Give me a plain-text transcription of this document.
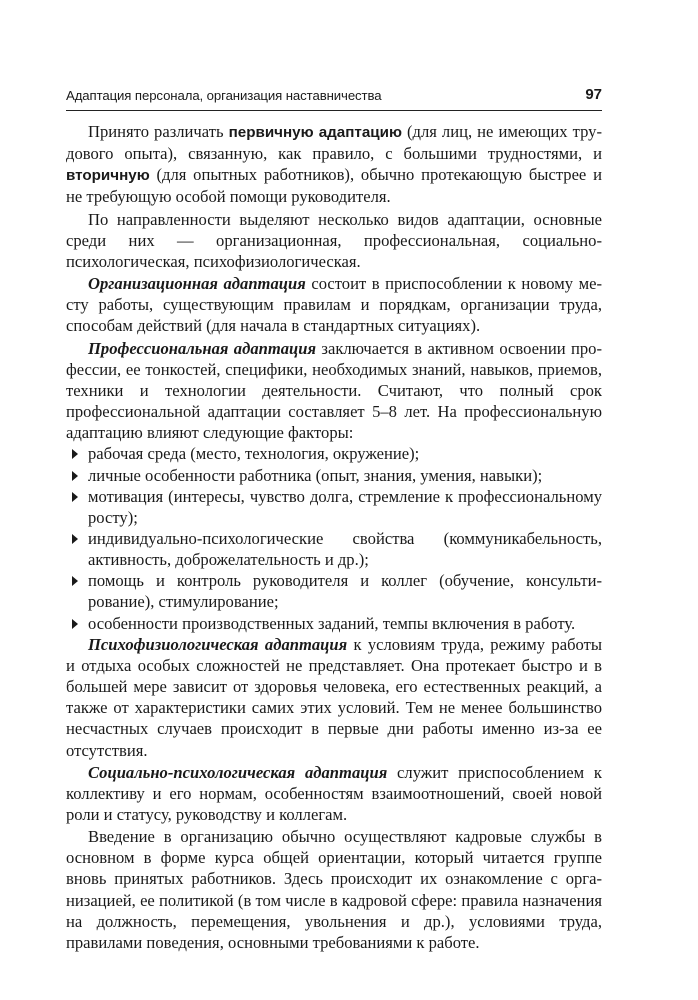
Адаптация персонала, организация наставничества	97

Принято различать первичную адаптацию (для лиц, не имеющих трудового опыта), связанную, как правило, с большими трудностями, и вторичную (для опытных работников), обычно протекающую быстрее и не требующую особой помощи руководителя.

По направленности выделяют несколько видов адаптации, основные среди них — организационная, профессиональная, социально-психологическая, психофизиологическая.

Организационная адаптация состоит в приспособлении к новому месту работы, существующим правилам и порядкам, организации труда, способам действий (для начала в стандартных ситуациях).

Профессиональная адаптация заключается в активном освоении профессии, ее тонкостей, специфики, необходимых знаний, навыков, приемов, техники и технологии деятельности. Считают, что полный срок профессиональной адаптации составляет 5–8 лет. На профессиональную адаптацию влияют следующие факторы:

рабочая среда (место, технология, окружение);
личные особенности работника (опыт, знания, умения, навыки);
мотивация (интересы, чувство долга, стремление к профессиональному росту);
индивидуально-психологические свойства (коммуникабельность, активность, доброжелательность и др.);
помощь и контроль руководителя и коллег (обучение, консультирование), стимулирование;
особенности производственных заданий, темпы включения в работу.

Психофизиологическая адаптация к условиям труда, режиму работы и отдыха особых сложностей не представляет. Она протекает быстро и в большей мере зависит от здоровья человека, его естественных реакций, а также от характеристики самих этих условий. Тем не менее большинство несчастных случаев происходит в первые дни работы именно из-за ее отсутствия.

Социально-психологическая адаптация служит приспособлением к коллективу и его нормам, особенностям взаимоотношений, своей новой роли и статусу, руководству и коллегам.

Введение в организацию обычно осуществляют кадровые службы в основном в форме курса общей ориентации, который читается группе вновь принятых работников. Здесь происходит их ознакомление с организацией, ее политикой (в том числе в кадровой сфере: правила назначения на должность, перемещения, увольнения и др.), условиями труда, правилами поведения, основными требованиями к работе.
